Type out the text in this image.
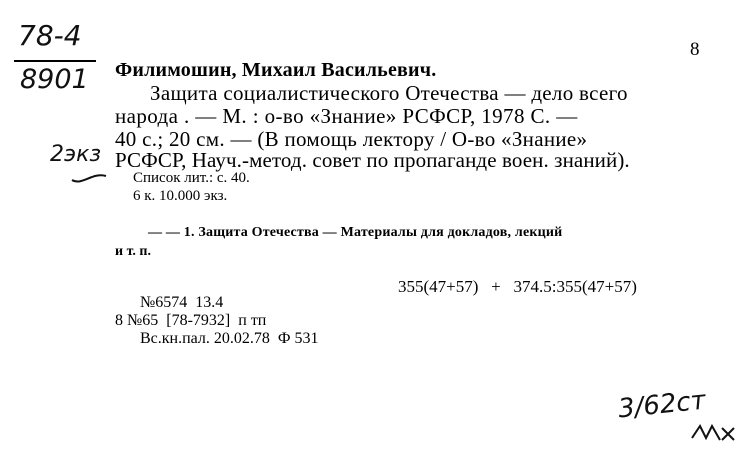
78-4
8901
8
Филимошин, Михаил Васильевич.
Защита социалистического Отечества — дело всего
народа . — М. : о-во «Знание» РСФСР, 1978 С. —
40 с.; 20 см. — (В помощь лектору / О-во «Знание»
2экз РСФСР, Науч.-метод. совет по пропаганде воен. знаний).
Список лит.: с. 40.
6 к. 10.000 экз.
— — 1. Защита Отечества — Материалы для докладов, лекций
и т. п.
355(47+57)   +   374.5:355(47+57)
№6574  13.4
8 №65  [78-7932]  п тп
Вс.кн.пал. 20.02.78  Ф 531
3/62ст
